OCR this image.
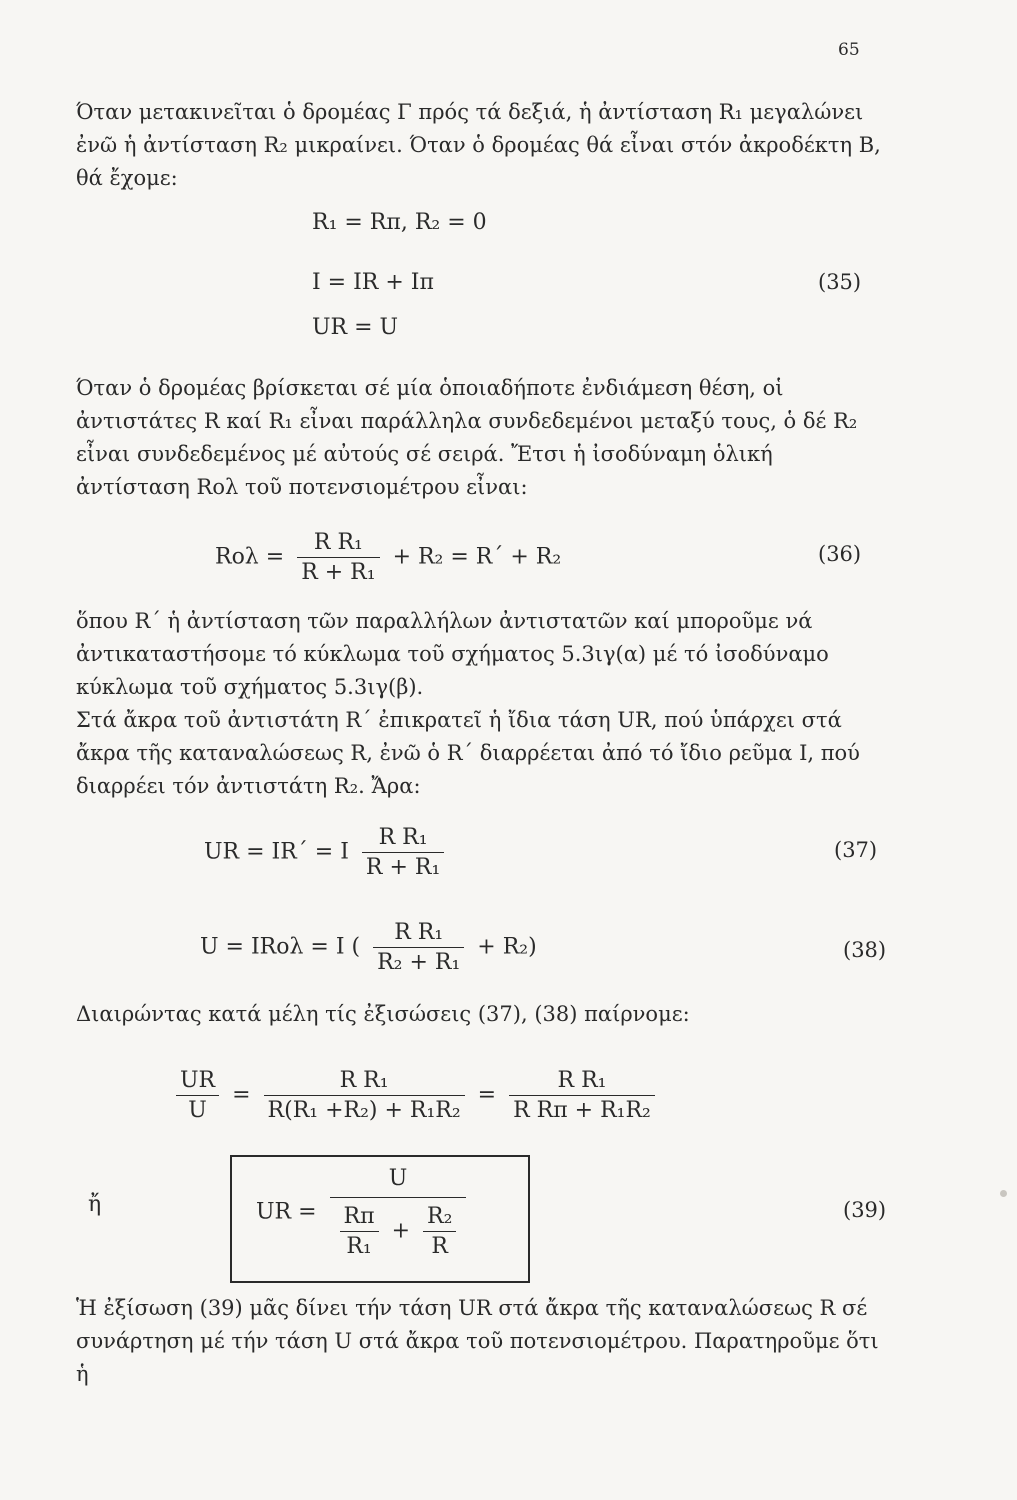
65

Όταν μετακινεῖται ὁ δρομέας Γ πρός τά δεξιά, ἡ ἀντίσταση R₁ μεγαλώνει ἐνῶ ἡ ἀντίσταση R₂ μικραίνει. Όταν ὁ δρομέας θά εἶναι στόν ἀκροδέκτη Β, θά ἔχομε:

R₁ = Rπ, R₂ = 0
I = IR + Iπ
UR = U
(35)

Όταν ὁ δρομέας βρίσκεται σέ μία ὁποιαδήποτε ἐνδιάμεση θέση, οἱ ἀντιστάτες R καί R₁ εἶναι παράλληλα συνδεδεμένοι μεταξύ τους, ὁ δέ R₂ εἶναι συνδεδεμένος μέ αὐτούς σέ σειρά. Ἔτσι ἡ ἰσοδύναμη ὁλική ἀντίσταση Rολ τοῦ ποτενσιομέτρου εἶναι:

$Ro\lambda = \frac{\text{R R₁}}{\text{R + R₁}} + R_2 = R΄ + R_2$	(36)

ὅπου R΄ ἡ ἀντίσταση τῶν παραλλήλων ἀντιστατῶν καί μποροῦμε νά ἀντικαταστήσομε τό κύκλωμα τοῦ σχήματος 5.3ιγ(α) μέ τό ἰσοδύναμο κύκλωμα τοῦ σχήματος 5.3ιγ(β).

Στά ἄκρα τοῦ ἀντιστάτη R΄ ἐπικρατεῖ ἡ ἴδια τάση UR, πού ὑπάρχει στά ἄκρα τῆς καταναλώσεως R, ἐνῶ ὁ R΄ διαρρέεται ἀπό τό ἴδιο ρεῦμα I, πού διαρρέει τόν ἀντιστάτη R₂. Ἄρα:

UR = IR΄ = I $\frac{\text{R R₁}}{\text{R + R₁}}$	(37)
U = IRολ = I ( $\frac{\text{R R₁}}{\text{R₂ + R₁}} + R_2$)	(38)

Διαιρώντας κατά μέλη τίς ἐξισώσεις (37), (38) παίρνομε:

$\frac{UR}{U} = \frac{\text{R R₁}}{\text{R(R₁ +R₂) + R₁R₂}} = \frac{\text{R R₁}}{\text{R Rπ + R₁R₂}}$
ἤ	UR =
U
$\frac{R\pi}{\text{R₁}} + \frac{\text{R₂}}{R}$	(39)

Ἡ ἐξίσωση (39) μᾶς δίνει τήν τάση UR στά ἄκρα τῆς καταναλώσεως R σέ συνάρτηση μέ τήν τάση U στά ἄκρα τοῦ ποτενσιομέτρου. Παρατηροῦμε ὅτι ἡ
